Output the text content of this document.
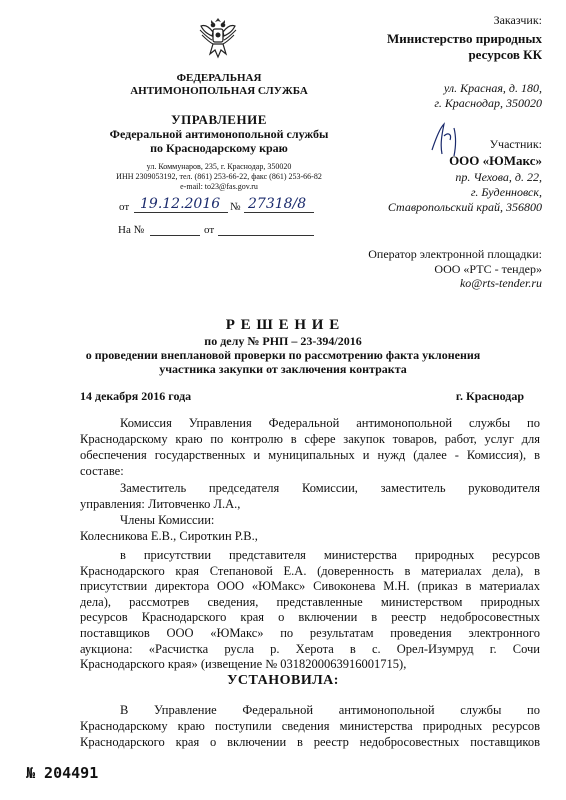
ФЕДЕРАЛЬНАЯ
АНТИМОНОПОЛЬНАЯ СЛУЖБА
УПРАВЛЕНИЕ
Федеральной антимонопольной службы
по Краснодарскому краю
ул. Коммунаров, 235, г. Краснодар, 350020
ИНН 2309053192, тел. (861) 253-66-22, факс (861) 253-66-82
e-mail: to23@fas.gov.ru
от 19.12.2016 № 27318/8
На №	от
Заказчик:
Министерство природных
ресурсов КК
ул. Красная, д. 180,
г. Краснодар, 350020
Участник:
ООО «ЮМакс»
пр. Чехова, д. 22,
г. Буденновск,
Ставропольский край, 356800
Оператор электронной площадки:
ООО «РТС - тендер»
ko@rts-tender.ru
Р Е Ш Е Н И Е
по делу № РНП – 23-394/2016
о проведении внеплановой проверки по рассмотрению факта уклонения
участника закупки от заключения контракта
14 декабря 2016 года	г. Краснодар
Комиссия Управления Федеральной антимонопольной службы по
Краснодарскому краю по контролю в сфере закупок товаров, работ, услуг для
обеспечения государственных и муниципальных и нужд (далее - Комиссия), в
составе:
Заместитель председателя Комиссии, заместитель руководителя
управления: Литовченко Л.А.,
Члены Комиссии:
Колесникова Е.В., Сироткин Р.В.,
в присутствии представителя министерства природных ресурсов
Краснодарского края Степановой Е.А. (доверенность в материалах дела), в
присутствии директора ООО «ЮМакс» Сивоконева М.Н. (приказ в материалах
дела), рассмотрев сведения, представленные министерством природных
ресурсов Краснодарского края о включении в реестр недобросовестных
поставщиков ООО «ЮМакс» по результатам проведения электронного
аукциона: «Расчистка русла р. Херота в с. Орел-Изумруд г. Сочи
Краснодарского края» (извещение № 0318200063916001715),
УСТАНОВИЛА:
В Управление Федеральной антимонопольной службы по
Краснодарскому краю поступили сведения министерства природных ресурсов
Краснодарского края о включении в реестр недобросовестных поставщиков
№ 204491
